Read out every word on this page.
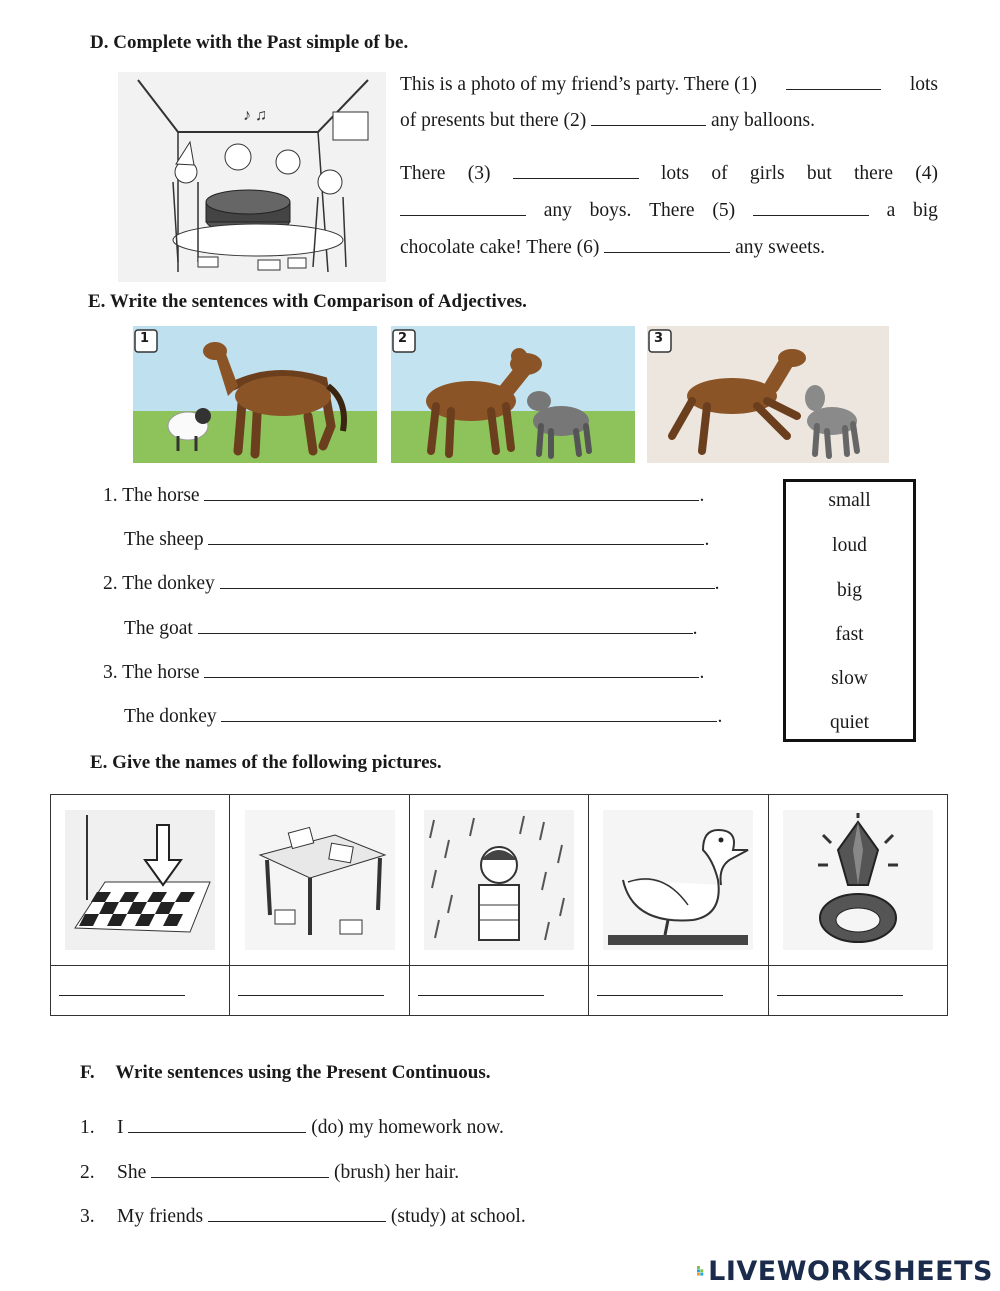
D. Complete with the Past simple of be.
♪ ♫
This is a photo of my friend’s party. There (1)	lots
of presents but there (2)	any balloons.
There (3)	lots of girls but there (4)
any boys. There (5)	a big
chocolate cake! There (6)	any sweets.
E. Write the sentences with Comparison of Adjectives.
1	2	3
1. The horse	.
The sheep	.
2. The donkey	.
The goat	.
3. The horse	.
The donkey	.
small
loud
big
fast
slow
quiet
E. Give the names of the following pictures.

F. Write sentences using the Present Continuous.
1. I	(do) my homework now.
2. She	(brush) her hair.
3. My friends	(study) at school.
LIVEWORKSHEETS
